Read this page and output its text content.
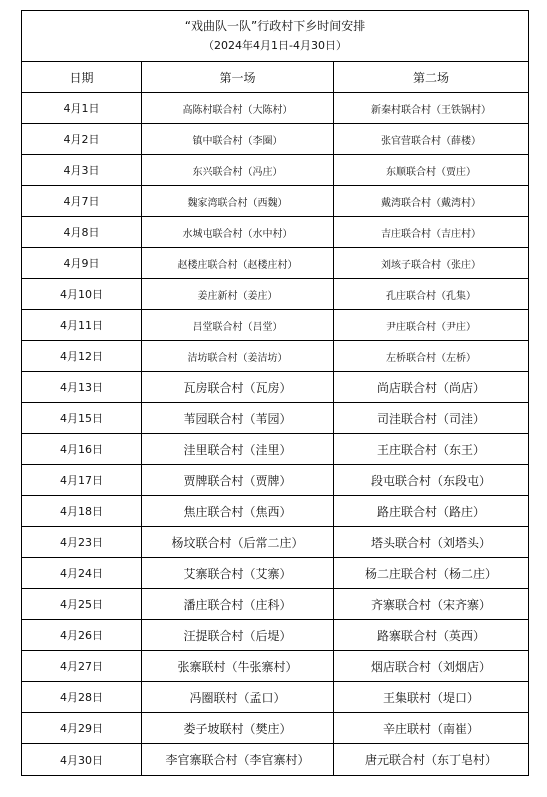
“戏曲队一队”行政村下乡时间安排
（2024年4月1日-4月30日）		

日期	第一场	第二场
4月1日	高陈村联合村（大陈村）	新秦村联合村（王铁锅村）
4月2日	镇中联合村（李圈）	张官营联合村（薛楼）
4月3日	东兴联合村（冯庄）	东顺联合村（贾庄）
4月7日	魏家湾联合村（西魏）	戴湾联合村（戴湾村）
4月8日	水城屯联合村（水中村）	吉庄联合村（吉庄村）
4月9日	赵楼庄联合村（赵楼庄村）	刘垓子联合村（张庄）
4月10日	姜庄新村（姜庄）	孔庄联合村（孔集）
4月11日	吕堂联合村（吕堂）	尹庄联合村（尹庄）
4月12日	洁坊联合村（姜洁坊）	左桥联合村（左桥）
4月13日	瓦房联合村（瓦房）	尚店联合村（尚店）
4月15日	苇园联合村（苇园）	司洼联合村（司洼）
4月16日	洼里联合村（洼里）	王庄联合村（东王）
4月17日	贾牌联合村（贾牌）	段屯联合村（东段屯）
4月18日	焦庄联合村（焦西）	路庄联合村（路庄）
4月23日	杨坟联合村（后常二庄）	塔头联合村（刘塔头）
4月24日	艾寨联合村（艾寨）	杨二庄联合村（杨二庄）
4月25日	潘庄联合村（庄科）	齐寨联合村（宋齐寨）
4月26日	汪提联合村（后堤）	路寨联合村（英西）
4月27日	张寨联村（牛张寨村）	烟店联合村（刘烟店）
4月28日	冯圈联村（孟口）	王集联村（堤口）
4月29日	娄子坡联村（樊庄）	辛庄联村（南崔）
4月30日	李官寨联合村（李官寨村）	唐元联合村（东丁皂村）
